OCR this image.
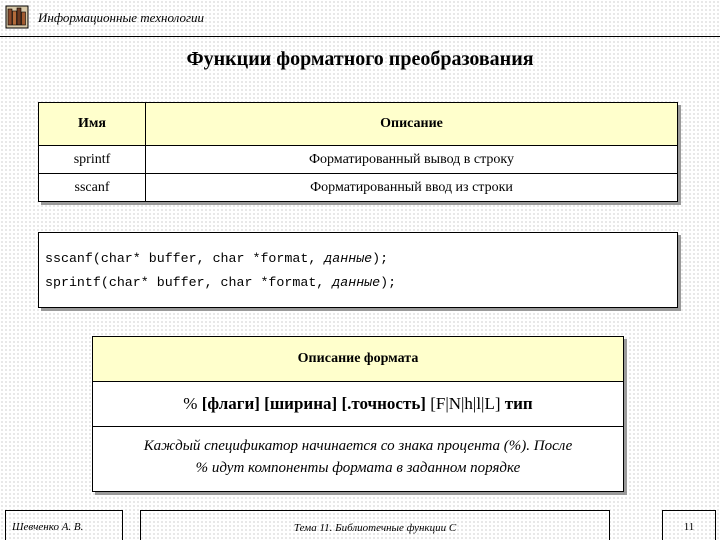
Информационные технологии
Функции форматного преобразования
Имя	Описание
sprintf	Форматированный вывод в строку
sscanf	Форматированный ввод из строки
sscanf(char* buffer, char *format, данные);
sprintf(char* buffer, char *format, данные);
Описание формата
% [флаги] [ширина] [.точность] [F|N|h|l|L] тип
Каждый спецификатор начинается со знака процента (%). После
% идут компоненты формата в заданном порядке
Шевченко А. В.	Тема 11. Библиотечные функции С	11
